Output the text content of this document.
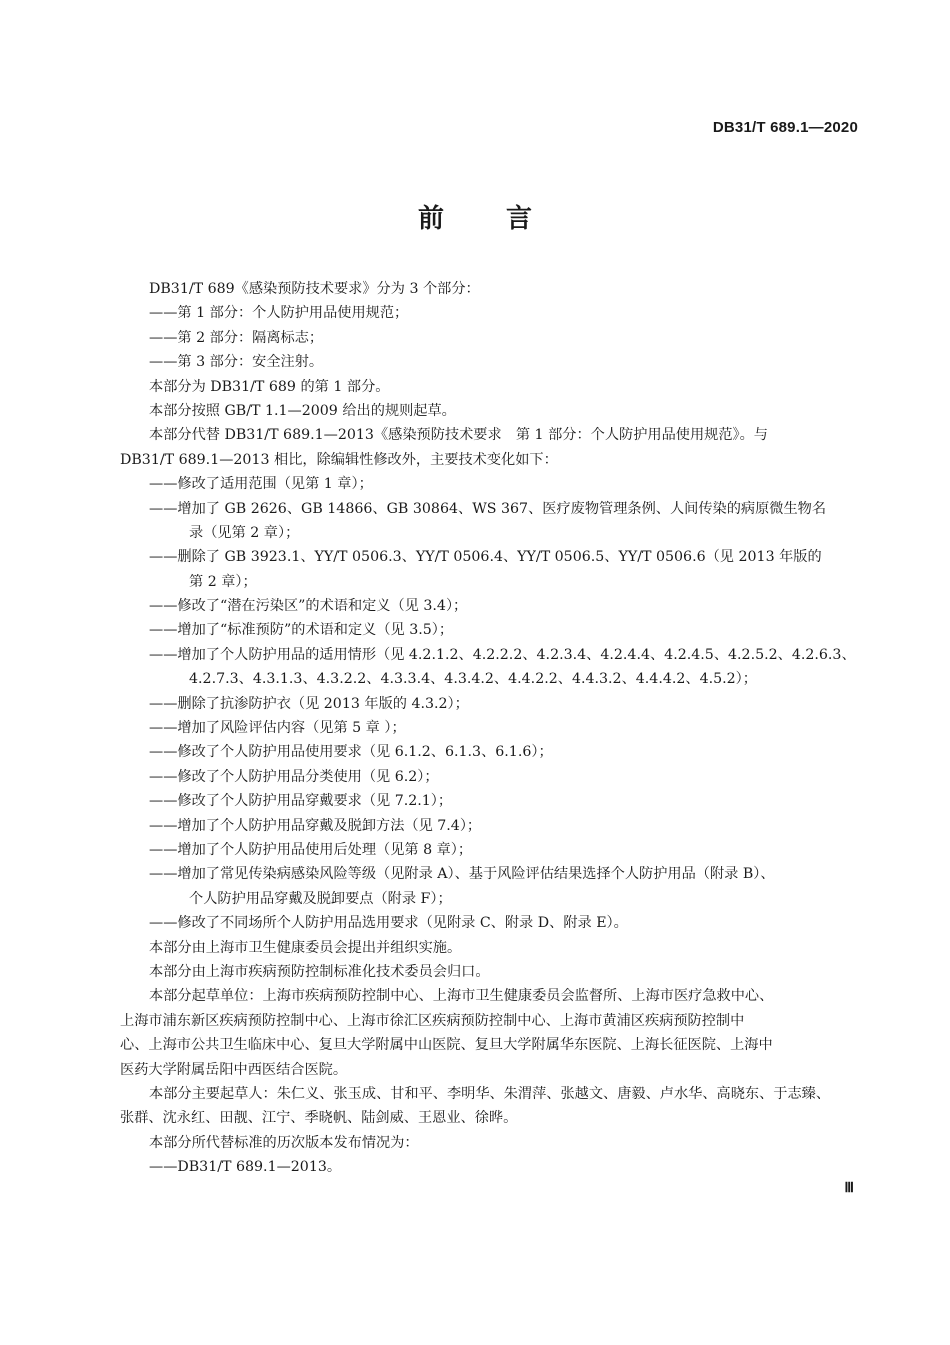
DB31/T 689.1—2020
前 言
DB31/T 689《感染预防技术要求》分为 3 个部分：
——第 1 部分：个人防护用品使用规范；
——第 2 部分：隔离标志；
——第 3 部分：安全注射。
本部分为 DB31/T 689 的第 1 部分。
本部分按照 GB/T 1.1—2009 给出的规则起草。
本部分代替 DB31/T 689.1—2013《感染预防技术要求　第 1 部分：个人防护用品使用规范》。与
DB31/T 689.1—2013 相比，除编辑性修改外，主要技术变化如下：
——修改了适用范围（见第 1 章）；
——增加了 GB 2626、GB 14866、GB 30864、WS 367、医疗废物管理条例、人间传染的病原微生物名
录（见第 2 章）；
——删除了 GB 3923.1、YY/T 0506.3、YY/T 0506.4、YY/T 0506.5、YY/T 0506.6（见 2013 年版的
第 2 章）；
——修改了“潜在污染区”的术语和定义（见 3.4）；
——增加了“标准预防”的术语和定义（见 3.5）；
——增加了个人防护用品的适用情形（见 4.2.1.2、4.2.2.2、4.2.3.4、4.2.4.4、4.2.4.5、4.2.5.2、4.2.6.3、
4.2.7.3、4.3.1.3、4.3.2.2、4.3.3.4、4.3.4.2、4.4.2.2、4.4.3.2、4.4.4.2、4.5.2）；
——删除了抗渗防护衣（见 2013 年版的 4.3.2）；
——增加了风险评估内容（见第 5 章 ）；
——修改了个人防护用品使用要求（见 6.1.2、6.1.3、6.1.6）；
——修改了个人防护用品分类使用（见 6.2）；
——修改了个人防护用品穿戴要求（见 7.2.1）；
——增加了个人防护用品穿戴及脱卸方法（见 7.4）；
——增加了个人防护用品使用后处理（见第 8 章）；
——增加了常见传染病感染风险等级（见附录 A）、基于风险评估结果选择个人防护用品（附录 B）、
个人防护用品穿戴及脱卸要点（附录 F）；
——修改了不同场所个人防护用品选用要求（见附录 C、附录 D、附录 E）。
本部分由上海市卫生健康委员会提出并组织实施。
本部分由上海市疾病预防控制标准化技术委员会归口。
本部分起草单位：上海市疾病预防控制中心、上海市卫生健康委员会监督所、上海市医疗急救中心、
上海市浦东新区疾病预防控制中心、上海市徐汇区疾病预防控制中心、上海市黄浦区疾病预防控制中
心、上海市公共卫生临床中心、复旦大学附属中山医院、复旦大学附属华东医院、上海长征医院、上海中
医药大学附属岳阳中西医结合医院。
本部分主要起草人：朱仁义、张玉成、甘和平、李明华、朱渭萍、张越文、唐毅、卢水华、高晓东、于志臻、
张群、沈永红、田靓、江宁、季晓帆、陆剑威、王恩业、徐晔。
本部分所代替标准的历次版本发布情况为：
——DB31/T 689.1—2013。
Ⅲ
